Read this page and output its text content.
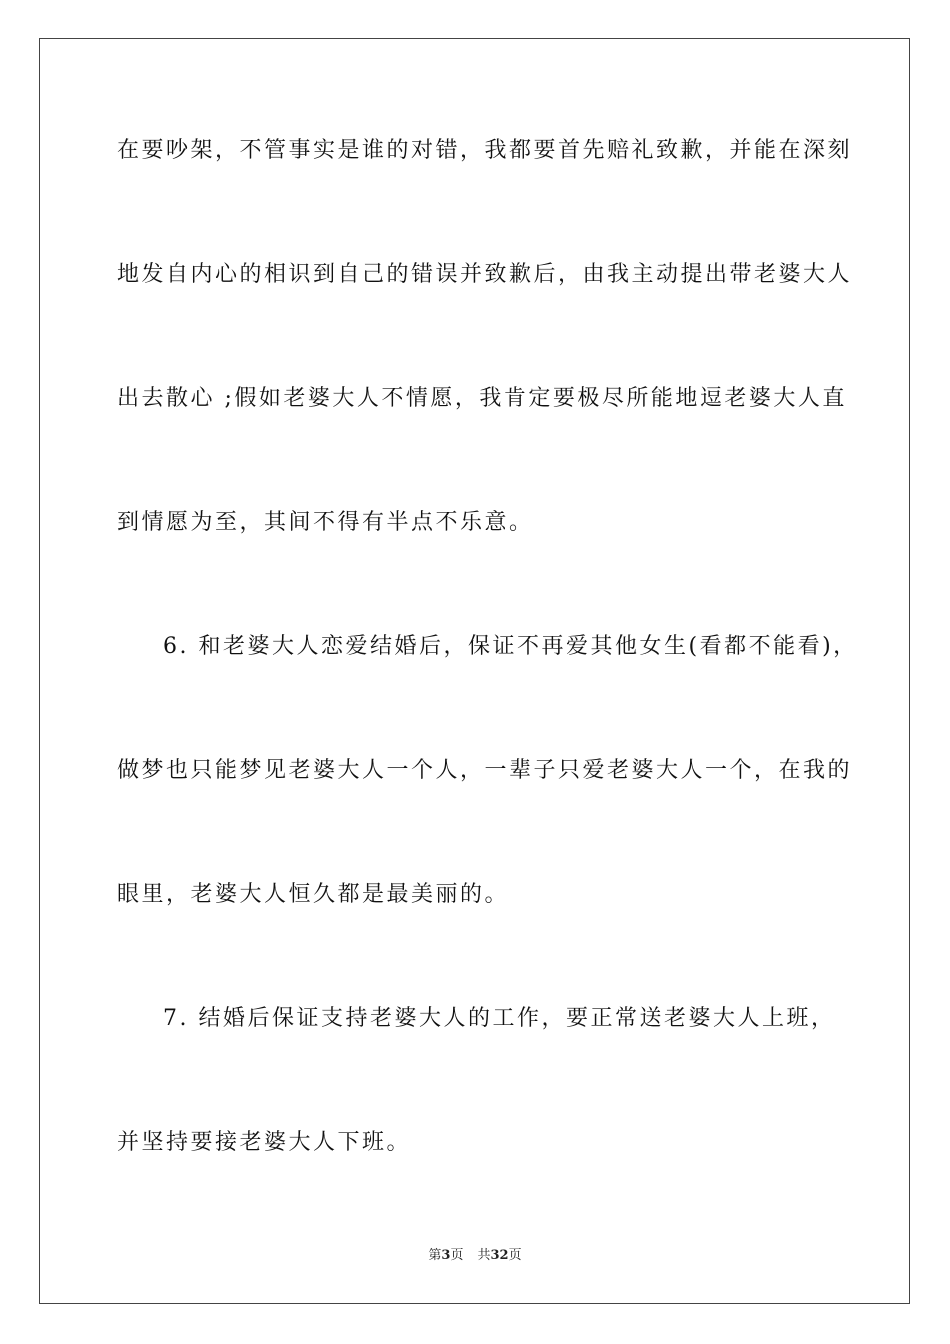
在要吵架，不管事实是谁的对错，我都要首先赔礼致歉，并能在深刻
地发自内心的相识到自己的错误并致歉后，由我主动提出带老婆大人
出去散心 ;假如老婆大人不情愿，我肯定要极尽所能地逗老婆大人直
到情愿为至，其间不得有半点不乐意。
6. 和老婆大人恋爱结婚后，保证不再爱其他女生(看都不能看)，
做梦也只能梦见老婆大人一个人，一辈子只爱老婆大人一个，在我的
眼里，老婆大人恒久都是最美丽的。
7. 结婚后保证支持老婆大人的工作，要正常送老婆大人上班，
并坚持要接老婆大人下班。
第3页 共32页
